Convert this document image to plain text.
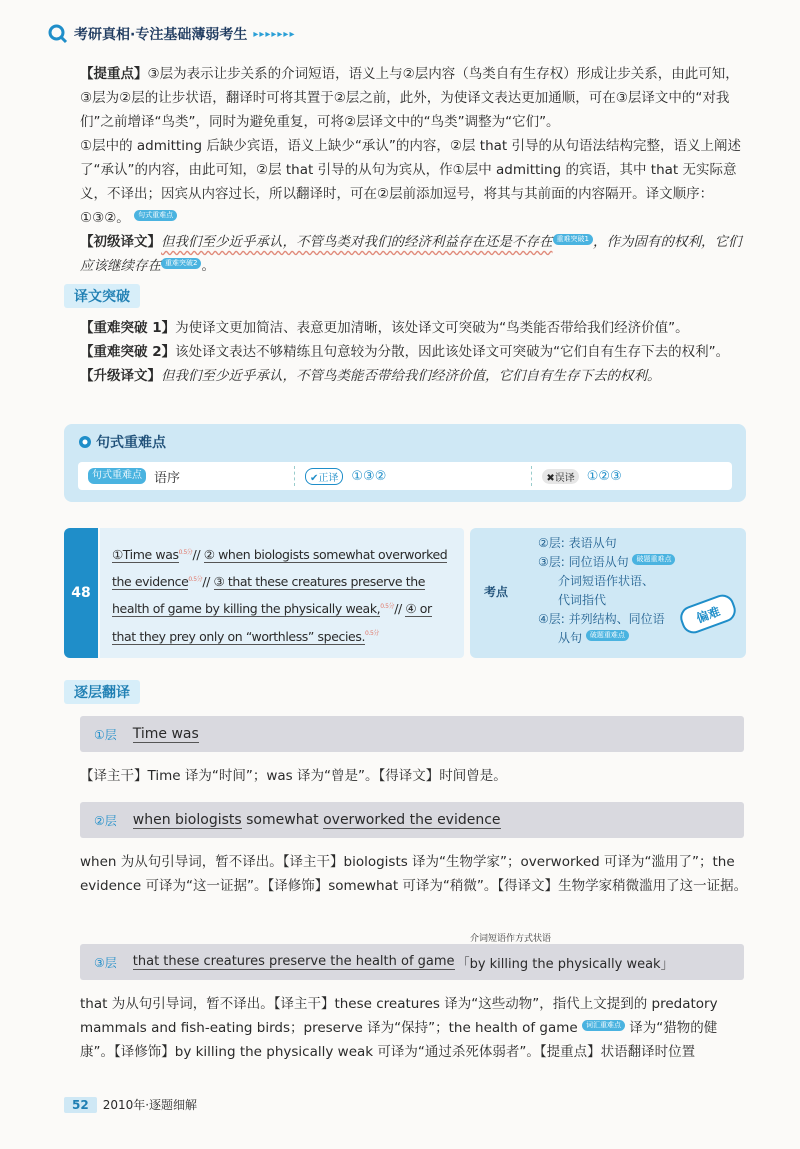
考研真相·专注基础薄弱考生 ▸▸▸▸▸▸▸
【提重点】③层为表示让步关系的介词短语，语义上与②层内容（鸟类自有生存权）形成让步关系，由此可知，③层为②层的让步状语，翻译时可将其置于②层之前，此外，为使译文表达更加通顺，可在③层译文中的“对我们”之前增译“鸟类”，同时为避免重复，可将②层译文中的“鸟类”调整为“它们”。
①层中的 admitting 后缺少宾语，语义上缺少“承认”的内容，②层 that 引导的从句语法结构完整，语义上阐述了“承认”的内容，由此可知，②层 that 引导的从句为宾从，作①层中 admitting 的宾语，其中 that 无实际意义，不译出；因宾从内容过长，所以翻译时，可在②层前添加逗号，将其与其前面的内容隔开。译文顺序：①③②。 句式重难点
【初级译文】但我们至少近乎承认，不管鸟类对我们的经济利益存在还是不存在 重难突破1 ，作为固有的权利，它们应该继续存在 重难突破2 。
译文突破
【重难突破 1】为使译文更加简洁、表意更加清晰，该处译文可突破为“鸟类能否带给我们经济价值”。
【重难突破 2】该处译文表达不够精练且句意较为分散，因此该处译文可突破为“它们自有生存下去的权利”。
【升级译文】但我们至少近乎承认，不管鸟类能否带给我们经济价值，它们自有生存下去的权利。
句式重难点
句式重难点 语序	✔正译	①③②	✖误译 ①②③
48
①Time was$^{0.5分}$// ② when biologists somewhat overworked the evidence$^{0.5分}$// ③ that these creatures preserve the health of game by killing the physically weak,$^{0.5分}$// ④ or that they prey only on “worthless” species.$^{0.5分}$
考点
②层: 表语从句
③层: 同位语从句 破题重难点
介词短语作状语、
代词指代
④层: 并列结构、同位语
从句 破题重难点
偏难
逐层翻译
①层 Time was
【译主干】Time 译为“时间”；was 译为“曾是”。【得译文】时间曾是。
②层 when biologists somewhat overworked the evidence
when 为从句引导词，暂不译出。【译主干】biologists 译为“生物学家”；overworked 可译为“滥用了”；the evidence 可译为“这一证据”。【译修饰】somewhat 可译为“稍微”。【得译文】生物学家稍微滥用了这一证据。
介词短语作方式状语
③层 that these creatures preserve the health of game 「by killing the physically weak」
that 为从句引导词，暂不译出。【译主干】these creatures 译为“这些动物”，指代上文提到的 predatory mammals and fish-eating birds；preserve 译为“保持”；the health of game 词汇重难点 译为“猎物的健康”。【译修饰】by killing the physically weak 可译为“通过杀死体弱者”。【提重点】状语翻译时位置
52	2010年·逐题细解
